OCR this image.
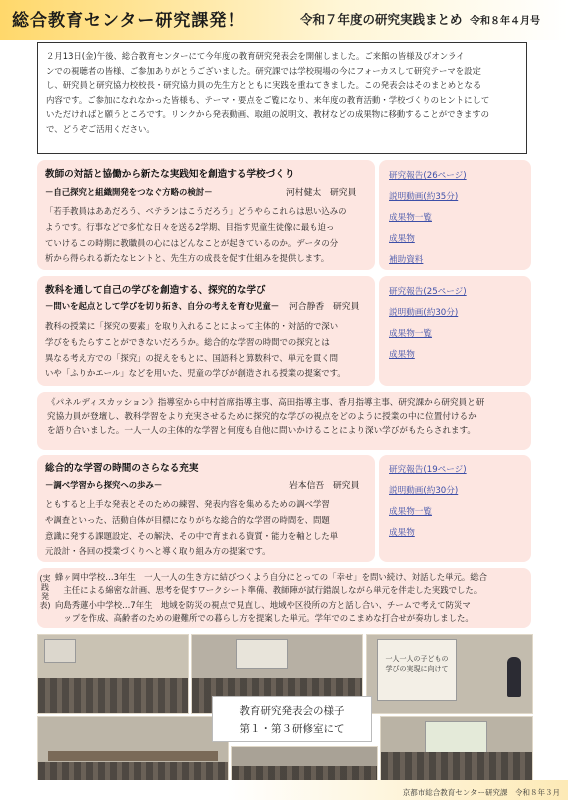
総合教育センター研究課発！	令和７年度の研究実践まとめ 令和８年４月号
２月13日(金)午後、総合教育センターにて今年度の教育研究発表会を開催しました。ご来館の皆様及びオンライ
ンでの視聴者の皆様、ご参加ありがとうございました。研究課では学校現場の今にフォーカスして研究テーマを設定
し、研究員と研究協力校校長・研究協力員の先生方とともに実践を重ねてきました。この発表会はそのまとめとなる
内容です。ご参加になれなかった皆様も、テーマ・要点をご覧になり、来年度の教育活動・学校づくりのヒントにして
いただければと願うところです。リンクから発表動画、取組の説明文、教材などの成果物に移動することができますの
で、どうぞご活用ください。
教師の対話と協働から新たな実践知を創造する学校づくり
－自己探究と組織開発をつなぐ方略の検討－	河村健太　研究員
「若手教員はああだろう、ベテランはこうだろう」どうやらこれらは思い込みの
ようです。行事などで多忙な日々を送る2学期、目指す児童生徒像に最も迫っ
ていけるこの時期に教職員の心にはどんなことが起きているのか。データの分
析から得られる新たなヒントと、先生方の成長を促す仕組みを提供します。
研究報告(26ページ)
説明動画(約35分)
成果物一覧
成果物
補助資料
教科を通して自己の学びを創造する、探究的な学び
－問いを起点として学びを切り拓き、自分の考えを育む児童－ 河合静香　研究員
教科の授業に「探究の要素」を取り入れることによって主体的・対話的で深い
学びをもたらすことができないだろうか。総合的な学習の時間での探究とは
異なる考え方での「探究」の捉えをもとに、国語科と算数科で、単元を貫く問
いや「ふりかエール」などを用いた、児童の学びが創造される授業の提案です。
研究報告(25ページ)
説明動画(約30分)
成果物一覧
成果物
《パネルディスカッション》指導室から中村首席指導主事、高田指導主事、香月指導主事、研究課から研究員と研
究協力員が登壇し、教科学習をより充実させるために探究的な学びの視点をどのように授業の中に位置付けるか
を語り合いました。一人一人の主体的な学習と何度も自他に問いかけることにより深い学びがもたらされます。
総合的な学習の時間のさらなる充実
－調べ学習から探究への歩み－	岩本信吾　研究員
ともすると上手な発表とそのための練習、発表内容を集めるための調べ学習
や調査といった、活動自体が目標になりがちな総合的な学習の時間を、問題
意識に発する課題設定、その解決、その中で育まれる資質・能力を軸とした単
元設計・各回の授業づくりへと導く取り組み方の提案です。
研究報告(19ページ)
説明動画(約30分)
成果物一覧
成果物
(実践発表)
蜂ヶ岡中学校…3年生　一人一人の生き方に結びつくよう自分にとっての「幸せ」を問い続け、対話した単元。総合
　主任による綿密な計画、思考を促すワークシート準備、教師陣が試行錯誤しながら単元を伴走した実践でした。
向島秀蓮小中学校…7年生　地域を防災の視点で見直し、地域や区役所の方と話し合い、チームで考えて防災マ
　ップを作成、高齢者のための避難所での暮らし方を提案した単元。学年でのこまめな打合せが奏功しました。
一人一人の子どもの
学びの実現に向けて
教育研究発表会の様子
第１・第３研修室にて
京都市総合教育センター研究課　令和８年３月
